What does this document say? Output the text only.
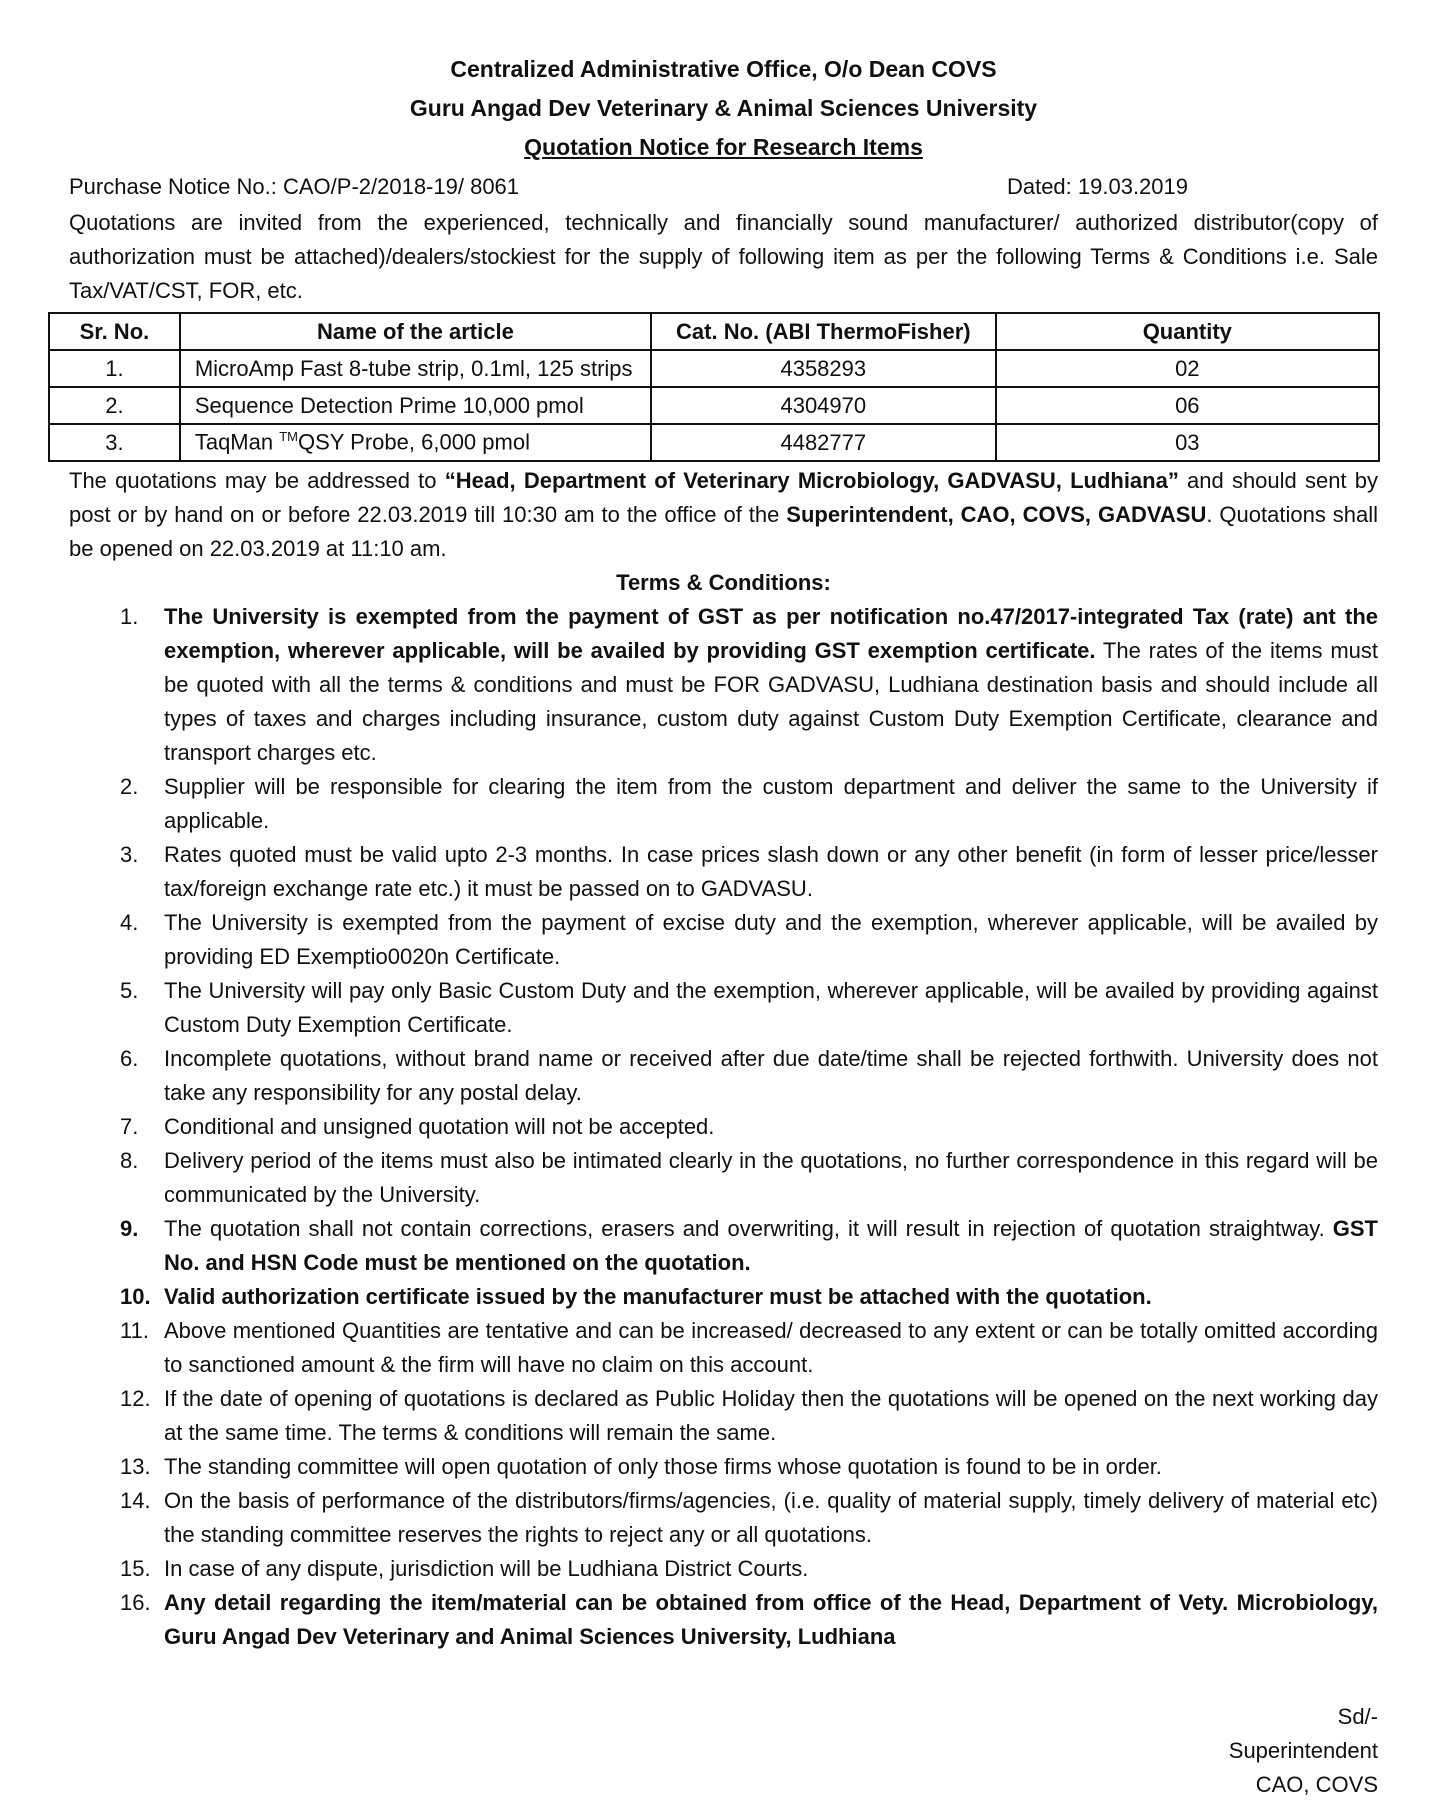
Centralized Administrative Office, O/o Dean COVS
Guru Angad Dev Veterinary & Animal Sciences University
Quotation Notice for Research Items
Purchase Notice No.: CAO/P-2/2018-19/ 8061	Dated: 19.03.2019
Quotations are invited from the experienced, technically and financially sound manufacturer/ authorized distributor(copy of authorization must be attached)/dealers/stockiest for the supply of following item as per the following Terms & Conditions i.e. Sale Tax/VAT/CST, FOR, etc.
Sr. No.	Name of the article	Cat. No. (ABI ThermoFisher)	Quantity
1.	MicroAmp Fast 8-tube strip, 0.1ml, 125 strips	4358293	02
2.	Sequence Detection Prime 10,000 pmol	4304970	06
3.	TaqMan ™QSY Probe, 6,000 pmol	4482777	03
The quotations may be addressed to “Head, Department of Veterinary Microbiology, GADVASU, Ludhiana” and should sent by post or by hand on or before 22.03.2019 till 10:30 am to the office of the Superintendent, CAO, COVS, GADVASU. Quotations shall be opened on 22.03.2019 at 11:10 am.
Terms & Conditions:
1.	The University is exempted from the payment of GST as per notification no.47/2017-integrated Tax (rate) ant the exemption, wherever applicable, will be availed by providing GST exemption certificate. The rates of the items must be quoted with all the terms & conditions and must be FOR GADVASU, Ludhiana destination basis and should include all types of taxes and charges including insurance, custom duty against Custom Duty Exemption Certificate, clearance and transport charges etc.
2.	Supplier will be responsible for clearing the item from the custom department and deliver the same to the University if applicable.
3.	Rates quoted must be valid upto 2-3 months. In case prices slash down or any other benefit (in form of lesser price/lesser tax/foreign exchange rate etc.) it must be passed on to GADVASU.
4.	The University is exempted from the payment of excise duty and the exemption, wherever applicable, will be availed by providing ED Exemptio0020n Certificate.
5.	The University will pay only Basic Custom Duty and the exemption, wherever applicable, will be availed by providing against Custom Duty Exemption Certificate.
6.	Incomplete quotations, without brand name or received after due date/time shall be rejected forthwith. University does not take any responsibility for any postal delay.
7.	Conditional and unsigned quotation will not be accepted.
8.	Delivery period of the items must also be intimated clearly in the quotations, no further correspondence in this regard will be communicated by the University.
9.	The quotation shall not contain corrections, erasers and overwriting, it will result in rejection of quotation straightway. GST No. and HSN Code must be mentioned on the quotation.
10. Valid authorization certificate issued by the manufacturer must be attached with the quotation.
11. Above mentioned Quantities are tentative and can be increased/ decreased to any extent or can be totally omitted according to sanctioned amount & the firm will have no claim on this account.
12. If the date of opening of quotations is declared as Public Holiday then the quotations will be opened on the next working day at the same time. The terms & conditions will remain the same.
13. The standing committee will open quotation of only those firms whose quotation is found to be in order.
14. On the basis of performance of the distributors/firms/agencies, (i.e. quality of material supply, timely delivery of material etc) the standing committee reserves the rights to reject any or all quotations.
15. In case of any dispute, jurisdiction will be Ludhiana District Courts.
16. Any detail regarding the item/material can be obtained from office of the Head, Department of Vety. Microbiology, Guru Angad Dev Veterinary and Animal Sciences University, Ludhiana
Sd/-
Superintendent
CAO, COVS
